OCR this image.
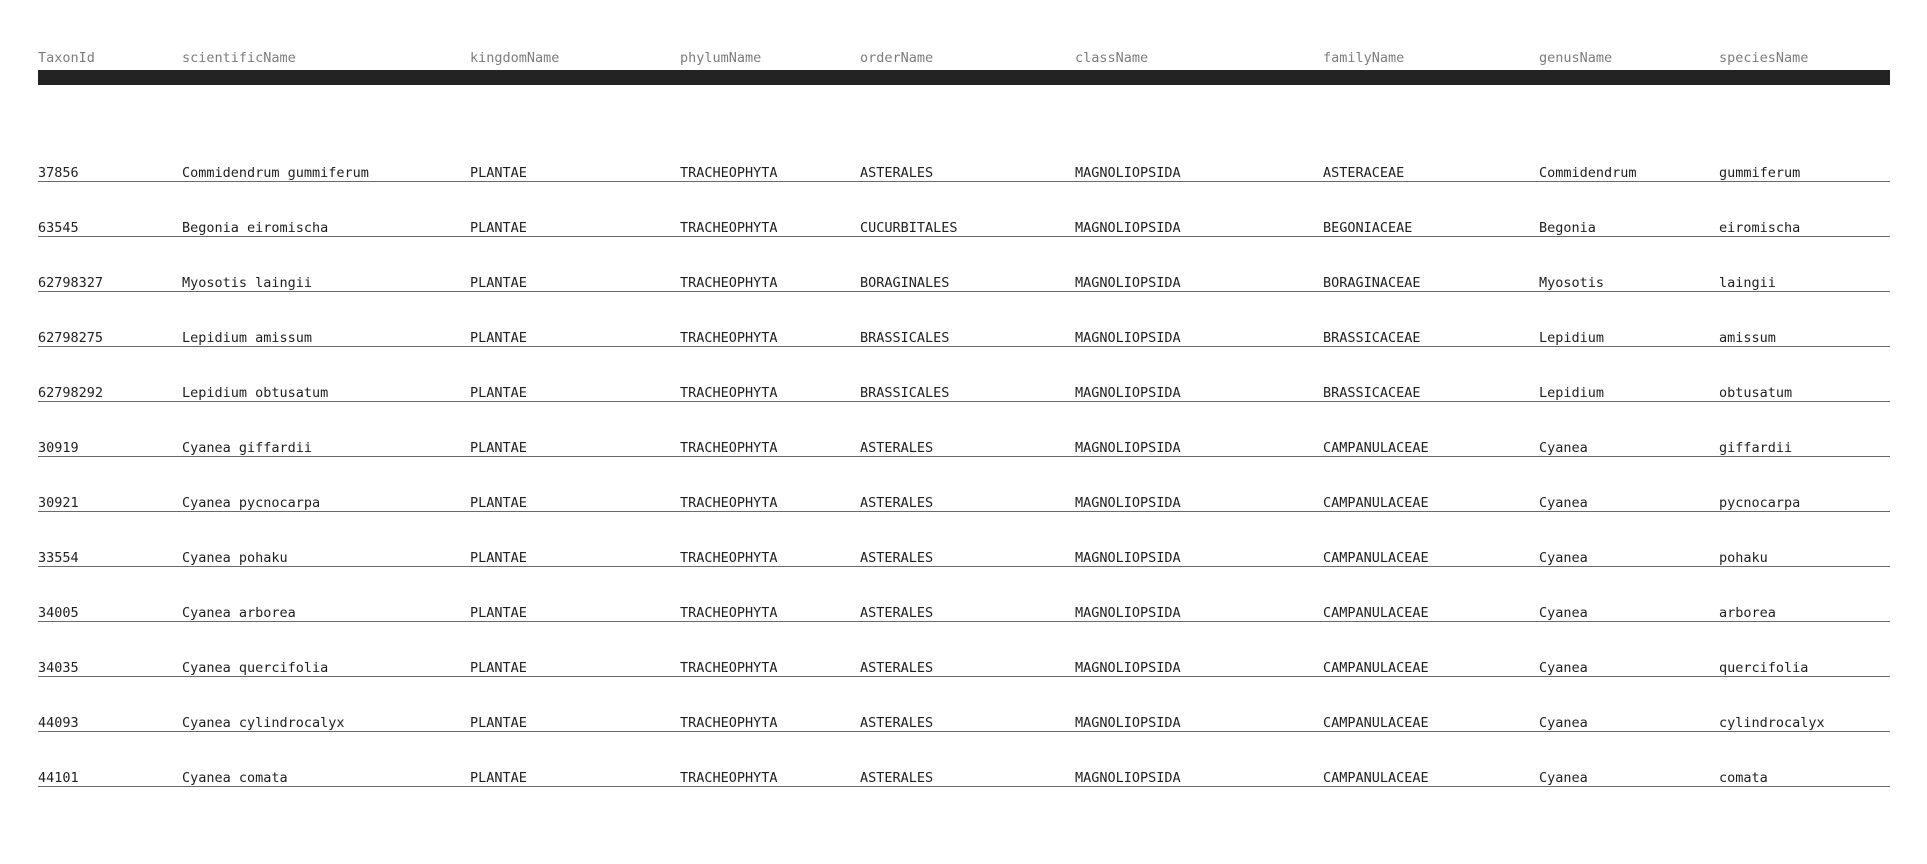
TaxonId	scientificName	kingdomName	phylumName	orderName	className	familyName	genusName	speciesName
37856	Commidendrum gummiferum	PLANTAE	TRACHEOPHYTA	ASTERALES	MAGNOLIOPSIDA	ASTERACEAE	Commidendrum	gummiferum
63545	Begonia eiromischa	PLANTAE	TRACHEOPHYTA	CUCURBITALES	MAGNOLIOPSIDA	BEGONIACEAE	Begonia	eiromischa
62798327	Myosotis laingii	PLANTAE	TRACHEOPHYTA	BORAGINALES	MAGNOLIOPSIDA	BORAGINACEAE	Myosotis	laingii
62798275	Lepidium amissum	PLANTAE	TRACHEOPHYTA	BRASSICALES	MAGNOLIOPSIDA	BRASSICACEAE	Lepidium	amissum
62798292	Lepidium obtusatum	PLANTAE	TRACHEOPHYTA	BRASSICALES	MAGNOLIOPSIDA	BRASSICACEAE	Lepidium	obtusatum
30919	Cyanea giffardii	PLANTAE	TRACHEOPHYTA	ASTERALES	MAGNOLIOPSIDA	CAMPANULACEAE	Cyanea	giffardii
30921	Cyanea pycnocarpa	PLANTAE	TRACHEOPHYTA	ASTERALES	MAGNOLIOPSIDA	CAMPANULACEAE	Cyanea	pycnocarpa
33554	Cyanea pohaku	PLANTAE	TRACHEOPHYTA	ASTERALES	MAGNOLIOPSIDA	CAMPANULACEAE	Cyanea	pohaku
34005	Cyanea arborea	PLANTAE	TRACHEOPHYTA	ASTERALES	MAGNOLIOPSIDA	CAMPANULACEAE	Cyanea	arborea
34035	Cyanea quercifolia	PLANTAE	TRACHEOPHYTA	ASTERALES	MAGNOLIOPSIDA	CAMPANULACEAE	Cyanea	quercifolia
44093	Cyanea cylindrocalyx	PLANTAE	TRACHEOPHYTA	ASTERALES	MAGNOLIOPSIDA	CAMPANULACEAE	Cyanea	cylindrocalyx
44101	Cyanea comata	PLANTAE	TRACHEOPHYTA	ASTERALES	MAGNOLIOPSIDA	CAMPANULACEAE	Cyanea	comata
